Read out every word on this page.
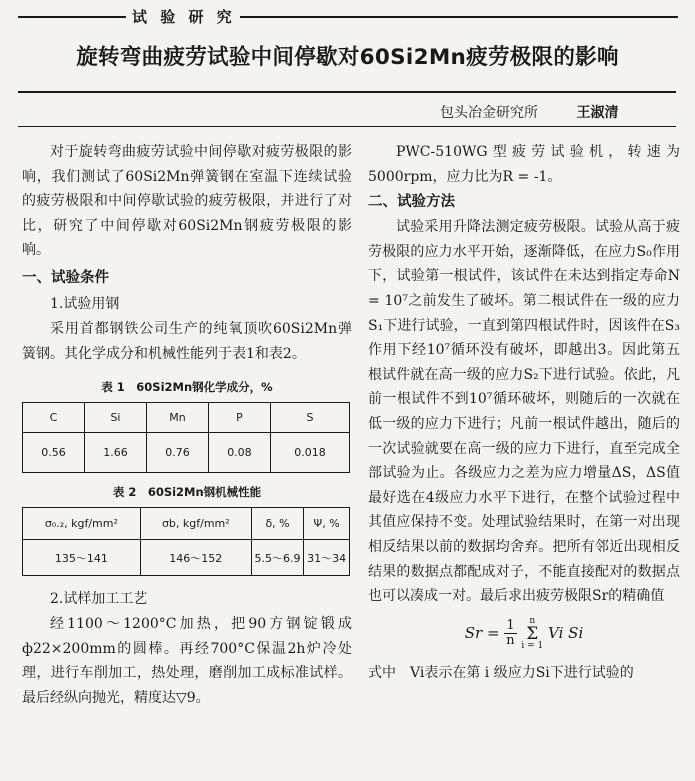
试 验 研 究
旋转弯曲疲劳试验中间停歇对60Si2Mn疲劳极限的影响
包头冶金研究所	王淑清

对于旋转弯曲疲劳试验中间停歇对疲劳极限的影响，我们测试了60Si2Mn弹簧钢在室温下连续试验的疲劳极限和中间停歇试验的疲劳极限，并进行了对比，研究了中间停歇对60Si2Mn钢疲劳极限的影响。

一、试验条件

1.试验用钢

采用首都钢铁公司生产的纯氧顶吹60Si2Mn弹簧钢。其化学成分和机械性能列于表1和表2。

表 1　60Si2Mn钢化学成分，%

C	Si	Mn	P	S
0.56	1.66	0.76	0.08	0.018

表 2　60Si2Mn钢机械性能

σ₀.₂, kgf/mm²	σb, kgf/mm²	δ, %	Ψ, %
135～141	146～152	5.5～6.9	31～34

2.试样加工工艺

经1100～1200°C加热，把90方钢锭锻成ф22×200mm的圆棒。再经700°C保温2h炉冷处理，进行车削加工，热处理，磨削加工成标准试样。最后经纵向抛光，精度达▽9。

PWC-510WG型疲劳试验机，转速为5000rpm，应力比为R = -1。

二、试验方法

试验采用升降法测定疲劳极限。试验从高于疲劳极限的应力水平开始，逐渐降低，在应力S₀作用下，试验第一根试件，该试件在未达到指定寿命N = 10⁷之前发生了破坏。第二根试件在一级的应力S₁下进行试验，一直到第四根试件时，因该件在S₃作用下经10⁷循环没有破坏，即越出3。因此第五根试件就在高一级的应力S₂下进行试验。依此，凡前一根试件不到10⁷循环破坏，则随后的一次就在低一级的应力下进行；凡前一根试件越出，随后的一次试验就要在高一级的应力下进行，直至完成全部试验为止。各级应力之差为应力增量ΔS，ΔS值最好选在4级应力水平下进行，在整个试验过程中其值应保持不变。处理试验结果时，在第一对出现相反结果以前的数据均舍弃。把所有邻近出现相反结果的数据点都配成对子，不能直接配对的数据点也可以凑成一对。最后求出疲劳极限Sr的精确值

$Sr = \frac{1}{n}$
	n
Σ
i = 1
Vi Si

式中　Vi表示在第 i 级应力Si下进行试验的
